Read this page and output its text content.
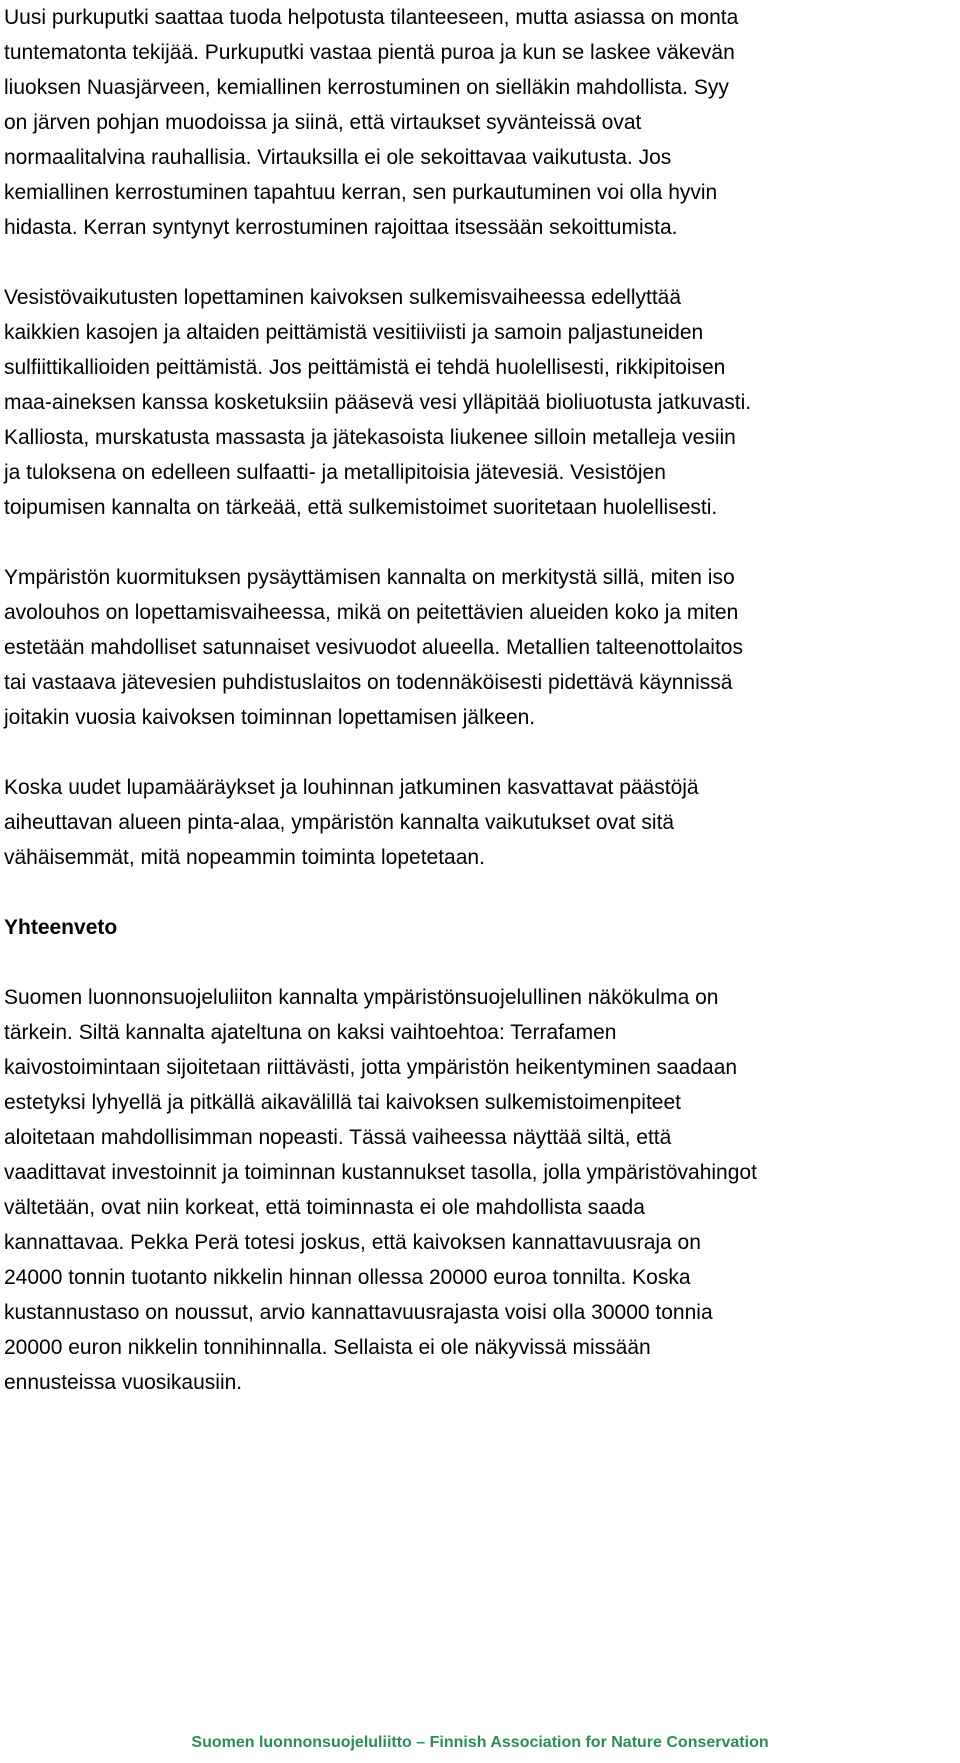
Uusi purkuputki saattaa tuoda helpotusta tilanteeseen, mutta asiassa on monta
tuntematonta tekijää. Purkuputki vastaa pientä puroa ja kun se laskee väkevän
liuoksen Nuasjärveen, kemiallinen kerrostuminen on sielläkin mahdollista. Syy
on järven pohjan muodoissa ja siinä, että virtaukset syvänteissä ovat
normaalitalvina rauhallisia. Virtauksilla ei ole sekoittavaa vaikutusta. Jos
kemiallinen kerrostuminen tapahtuu kerran, sen purkautuminen voi olla hyvin
hidasta. Kerran syntynyt kerrostuminen rajoittaa itsessään sekoittumista.

Vesistövaikutusten lopettaminen kaivoksen sulkemisvaiheessa edellyttää
kaikkien kasojen ja altaiden peittämistä vesitiiviisti ja samoin paljastuneiden
sulfiittikallioiden peittämistä. Jos peittämistä ei tehdä huolellisesti, rikkipitoisen
maa-aineksen kanssa kosketuksiin pääsevä vesi ylläpitää bioliuotusta jatkuvasti.
Kalliosta, murskatusta massasta ja jätekasoista liukenee silloin metalleja vesiin
ja tuloksena on edelleen sulfaatti- ja metallipitoisia jätevesiä. Vesistöjen
toipumisen kannalta on tärkeää, että sulkemistoimet suoritetaan huolellisesti.

Ympäristön kuormituksen pysäyttämisen kannalta on merkitystä sillä, miten iso
avolouhos on lopettamisvaiheessa, mikä on peitettävien alueiden koko ja miten
estetään mahdolliset satunnaiset vesivuodot alueella. Metallien talteenottolaitos
tai vastaava jätevesien puhdistuslaitos on todennäköisesti pidettävä käynnissä
joitakin vuosia kaivoksen toiminnan lopettamisen jälkeen.

Koska uudet lupamääräykset ja louhinnan jatkuminen kasvattavat päästöjä
aiheuttavan alueen pinta-alaa, ympäristön kannalta vaikutukset ovat sitä
vähäisemmät, mitä nopeammin toiminta lopetetaan.

Yhteenveto

Suomen luonnonsuojeluliiton kannalta ympäristönsuojelullinen näkökulma on
tärkein. Siltä kannalta ajateltuna on kaksi vaihtoehtoa: Terrafamen
kaivostoimintaan sijoitetaan riittävästi, jotta ympäristön heikentyminen saadaan
estetyksi lyhyellä ja pitkällä aikavälillä tai kaivoksen sulkemistoimenpiteet
aloitetaan mahdollisimman nopeasti. Tässä vaiheessa näyttää siltä, että
vaadittavat investoinnit ja toiminnan kustannukset tasolla, jolla ympäristövahingot
vältetään, ovat niin korkeat, että toiminnasta ei ole mahdollista saada
kannattavaa. Pekka Perä totesi joskus, että kaivoksen kannattavuusraja on
24000 tonnin tuotanto nikkelin hinnan ollessa 20000 euroa tonnilta. Koska
kustannustaso on noussut, arvio kannattavuusrajasta voisi olla 30000 tonnia
20000 euron nikkelin tonnihinnalla. Sellaista ei ole näkyvissä missään
ennusteissa vuosikausiin.

Suomen luonnonsuojeluliitto – Finnish Association for Nature Conservation
